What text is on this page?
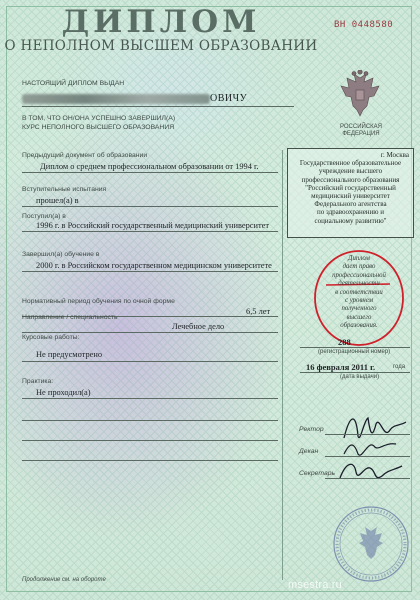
ДИПЛОМ
О НЕПОЛНОМ ВЫСШЕМ ОБРАЗОВАНИИ
ВН 0448580
РОССИЙСКАЯ
ФЕДЕРАЦИЯ
НАСТОЯЩИЙ ДИПЛОМ ВЫДАН
ОВИЧУ
В ТОМ, ЧТО ОН/ОНА УСПЕШНО ЗАВЕРШИЛ(А)
КУРС НЕПОЛНОГО ВЫСШЕГО ОБРАЗОВАНИЯ
Предыдущий документ об образовании
Диплом о среднем профессиональном образовании от 1994 г.
Вступительные испытания
прошел(а) в
Поступил(а) в
1996 г. в Российский государственный медицинский университет
Завершил(а) обучение в
2000 г. в Российском государственном медицинском университете
Нормативный период обучения по очной форме
6,5 лет
Направление / специальность
Лечебное дело
Курсовые работы:
Не предусмотрено
Практика:
Не проходил(а)
Продолжение см. на обороте
г. Москва
Государственное образовательное
учреждение высшего
профессионального образования
"Российский государственный
медицинский университет
Федерального агентства
по здравоохранению и
социальному развитию"
Диплом
дает право
профессиональной
деятельности
в соответствии
с уровнем
полученного
высшего
образования.
288
(регистрационный номер)
16 февраля 2011 г.	года
(дата выдачи)
Ректор
Декан
Секретарь
msestra.ru
